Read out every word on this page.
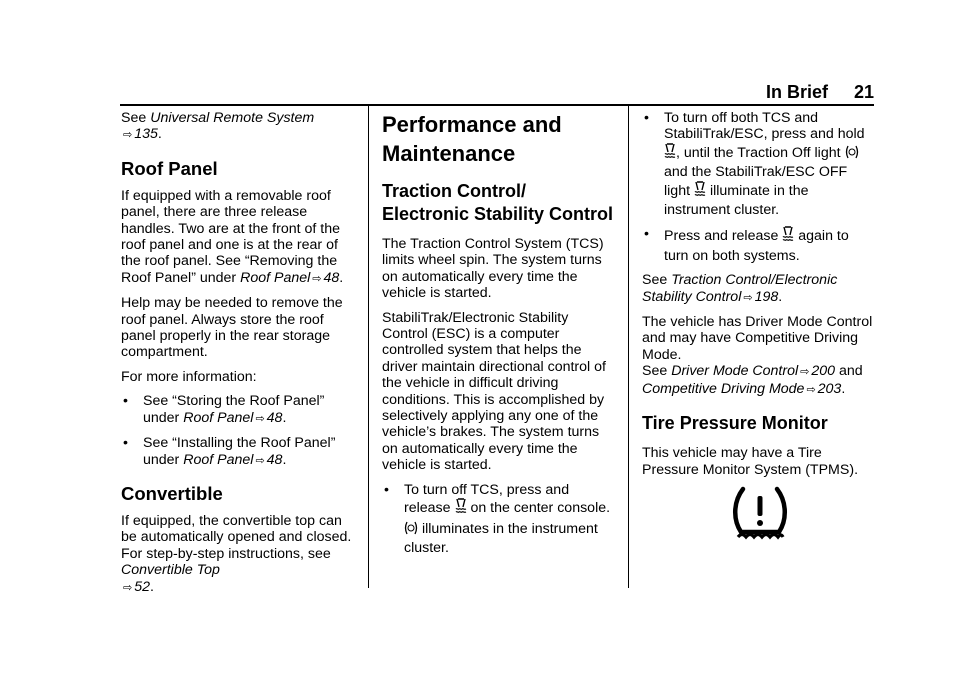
In Brief 21

See Universal Remote System
⇨ 135.

Roof Panel

If equipped with a removable roof panel, there are three release handles. Two are at the front of the roof panel and one is at the rear of the roof panel. See “Removing the Roof Panel” under Roof Panel ⇨ 48.

Help may be needed to remove the roof panel. Always store the roof panel properly in the rear storage compartment.

For more information:

• See “Storing the Roof Panel” under Roof Panel ⇨ 48.
• See “Installing the Roof Panel” under Roof Panel ⇨ 48.
Convertible

If equipped, the convertible top can be automatically opened and closed. For step-by-step instructions, see Convertible Top
⇨ 52.

Performance and Maintenance
Traction Control/ Electronic Stability Control

The Traction Control System (TCS) limits wheel spin. The system turns on automatically every time the vehicle is started.

StabiliTrak/Electronic Stability Control (ESC) is a computer controlled system that helps the driver maintain directional control of the vehicle in difficult driving conditions. This is accomplished by selectively applying any one of the vehicle’s brakes. The system turns on automatically every time the vehicle is started.

• To turn off TCS, press and release on the center console.
illuminates in the instrument cluster.
• To turn off both TCS and StabiliTrak/ESC, press and hold
, until the Traction Off light
and the StabiliTrak/ESC OFF light illuminate in the instrument cluster.
• Press and release again to turn on both systems.

See Traction Control/Electronic Stability Control ⇨ 198.

The vehicle has Driver Mode Control and may have Competitive Driving Mode.
See Driver Mode Control ⇨ 200 and Competitive Driving Mode ⇨ 203.

Tire Pressure Monitor

This vehicle may have a Tire Pressure Monitor System (TPMS).
